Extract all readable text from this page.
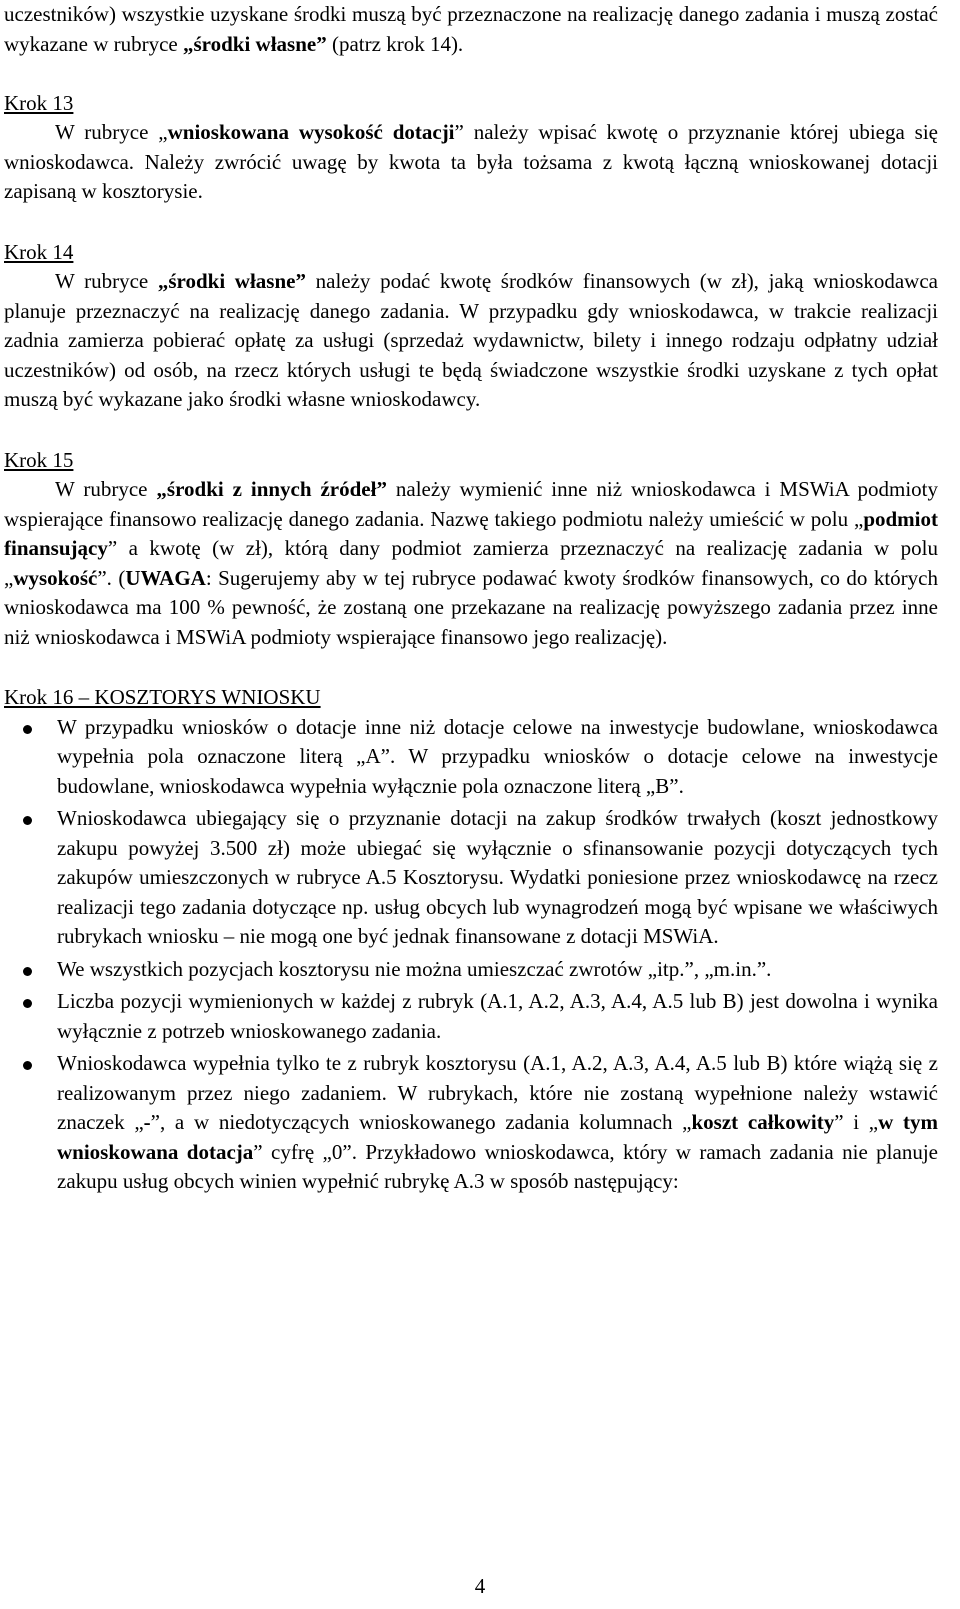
uczestników) wszystkie uzyskane środki muszą być przeznaczone na realizację danego zadania i muszą zostać wykazane w rubryce „środki własne” (patrz krok 14).

Krok 13

W rubryce „wnioskowana wysokość dotacji” należy wpisać kwotę o przyznanie której ubiega się wnioskodawca. Należy zwrócić uwagę by kwota ta była tożsama z kwotą łączną wnioskowanej dotacji zapisaną w kosztorysie.

Krok 14

W rubryce „środki własne” należy podać kwotę środków finansowych (w zł), jaką wnioskodawca planuje przeznaczyć na realizację danego zadania. W przypadku gdy wnioskodawca, w trakcie realizacji zadnia zamierza pobierać opłatę za usługi (sprzedaż wydawnictw, bilety i innego rodzaju odpłatny udział uczestników) od osób, na rzecz których usługi te będą świadczone wszystkie środki uzyskane z tych opłat muszą być wykazane jako środki własne wnioskodawcy.

Krok 15

W rubryce „środki z innych źródeł” należy wymienić inne niż wnioskodawca i MSWiA podmioty wspierające finansowo realizację danego zadania. Nazwę takiego podmiotu należy umieścić w polu „podmiot finansujący” a kwotę (w zł), którą dany podmiot zamierza przeznaczyć na realizację zadania w polu „wysokość”. (UWAGA: Sugerujemy aby w tej rubryce podawać kwoty środków finansowych, co do których wnioskodawca ma 100 % pewność, że zostaną one przekazane na realizację powyższego zadania przez inne niż wnioskodawca i MSWiA podmioty wspierające finansowo jego realizację).

Krok 16 – KOSZTORYS WNIOSKU

W przypadku wniosków o dotacje inne niż dotacje celowe na inwestycje budowlane, wnioskodawca wypełnia pola oznaczone literą „A”. W przypadku wniosków o dotacje celowe na inwestycje budowlane, wnioskodawca wypełnia wyłącznie pola oznaczone literą „B”.
Wnioskodawca ubiegający się o przyznanie dotacji na zakup środków trwałych (koszt jednostkowy zakupu powyżej 3.500 zł) może ubiegać się wyłącznie o sfinansowanie pozycji dotyczących tych zakupów umieszczonych w rubryce A.5 Kosztorysu. Wydatki poniesione przez wnioskodawcę na rzecz realizacji tego zadania dotyczące np. usług obcych lub wynagrodzeń mogą być wpisane we właściwych rubrykach wniosku – nie mogą one być jednak finansowane z dotacji MSWiA.
We wszystkich pozycjach kosztorysu nie można umieszczać zwrotów „itp.”, „m.in.”.
Liczba pozycji wymienionych w każdej z rubryk (A.1, A.2, A.3, A.4, A.5 lub B) jest dowolna i wynika wyłącznie z potrzeb wnioskowanego zadania.
Wnioskodawca wypełnia tylko te z rubryk kosztorysu (A.1, A.2, A.3, A.4, A.5 lub B) które wiążą się z realizowanym przez niego zadaniem. W rubrykach, które nie zostaną wypełnione należy wstawić znaczek „-”, a w niedotyczących wnioskowanego zadania kolumnach „koszt całkowity” i „w tym wnioskowana dotacja” cyfrę „0”. Przykładowo wnioskodawca, który w ramach zadania nie planuje zakupu usług obcych winien wypełnić rubrykę A.3 w sposób następujący:
4
